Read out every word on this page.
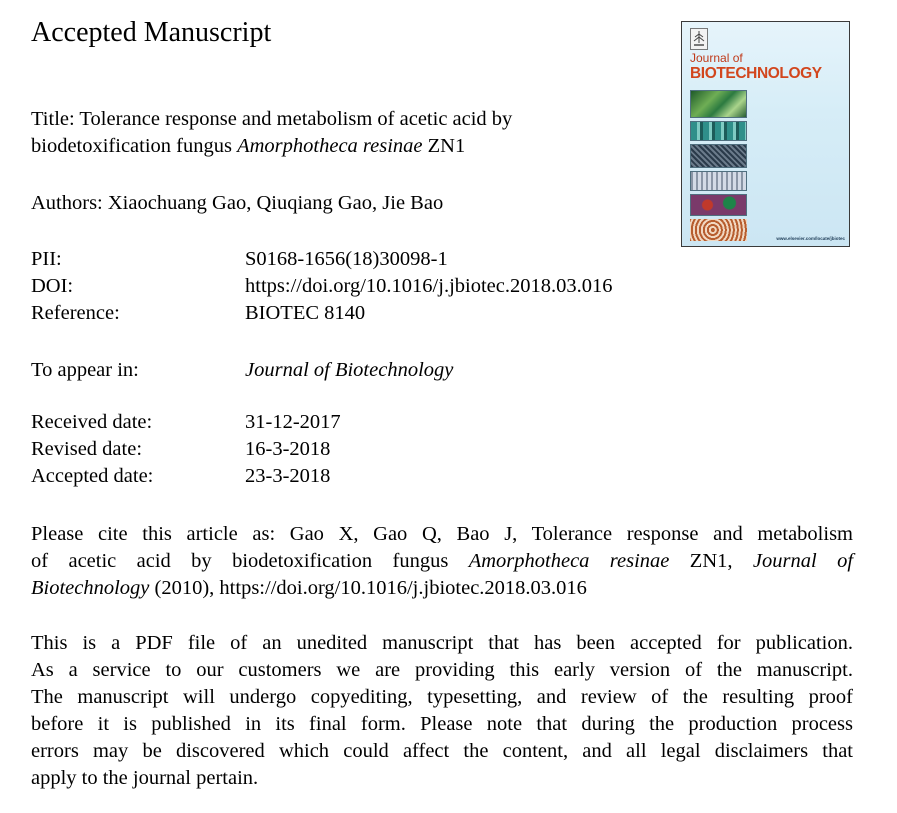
Accepted Manuscript
Title: Tolerance response and metabolism of acetic acid by
biodetoxification fungus Amorphotheca resinae ZN1
Authors: Xiaochuang Gao, Qiuqiang Gao, Jie Bao
PII:	S0168-1656(18)30098-1
DOI:	https://doi.org/10.1016/j.jbiotec.2018.03.016
Reference:	BIOTEC 8140
To appear in:	Journal of Biotechnology
Received date:	31-12-2017
Revised date:	16-3-2018
Accepted date:	23-3-2018
Please cite this article as: Gao X, Gao Q, Bao J, Tolerance response and metabolism
of acetic acid by biodetoxification fungus Amorphotheca resinae ZN1, Journal of
Biotechnology (2010), https://doi.org/10.1016/j.jbiotec.2018.03.016
This is a PDF file of an unedited manuscript that has been accepted for publication.
As a service to our customers we are providing this early version of the manuscript.
The manuscript will undergo copyediting, typesetting, and review of the resulting proof
before it is published in its final form. Please note that during the production process
errors may be discovered which could affect the content, and all legal disclaimers that
apply to the journal pertain.
Journal of
BIOTECHNOLOGY
www.elsevier.com/locate/jbiotec
